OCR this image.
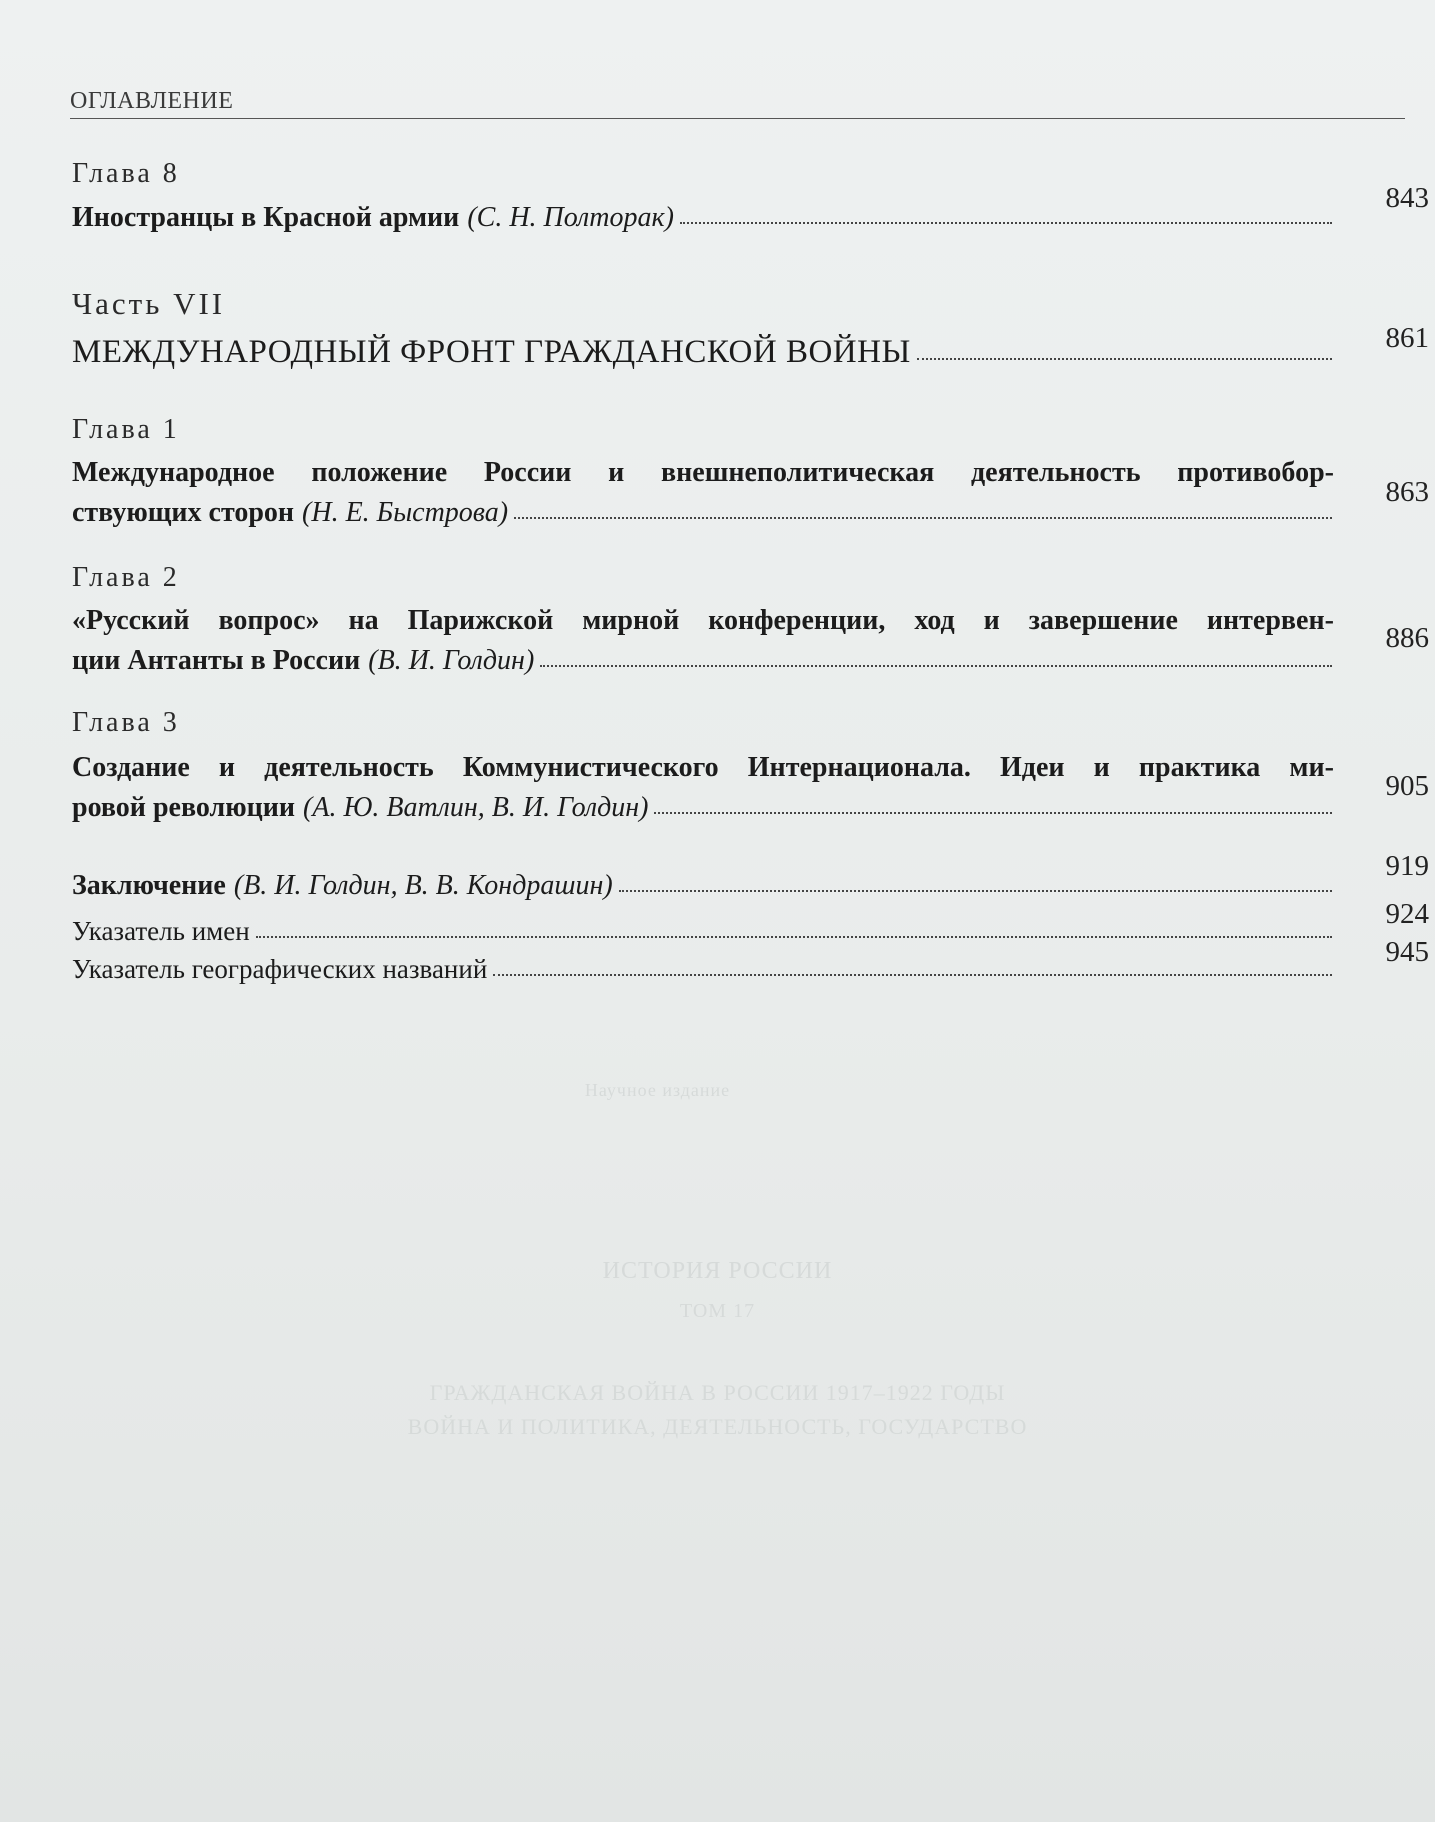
ОГЛАВЛЕНИЕ
Глава 8
Иностранцы в Красной армии (С. Н. Полторак)
843
Часть VII
МЕЖДУНАРОДНЫЙ ФРОНТ ГРАЖДАНСКОЙ ВОЙНЫ	861
Глава 1
Международное положение России и внешнеполитическая деятельность противобор-
ствующих сторон (Н. Е. Быстрова)
863
Глава 2
«Русский вопрос» на Парижской мирной конференции, ход и завершение интервен-
ции Антанты в России (В. И. Голдин)
886
Глава 3
Создание и деятельность Коммунистического Интернационала. Идеи и практика ми-
ровой революции (А. Ю. Ватлин, В. И. Голдин)
905
Заключение (В. И. Голдин, В. В. Кондрашин)
919
Указатель имен
924
Указатель географических названий
945
Научное издание
ИСТОРИЯ РОССИИ
ТОМ 17
ГРАЖДАНСКАЯ ВОЙНА В РОССИИ 1917–1922 ГОДЫ
ВОЙНА И ПОЛИТИКА, ДЕЯТЕЛЬНОСТЬ, ГОСУДАРСТВО
